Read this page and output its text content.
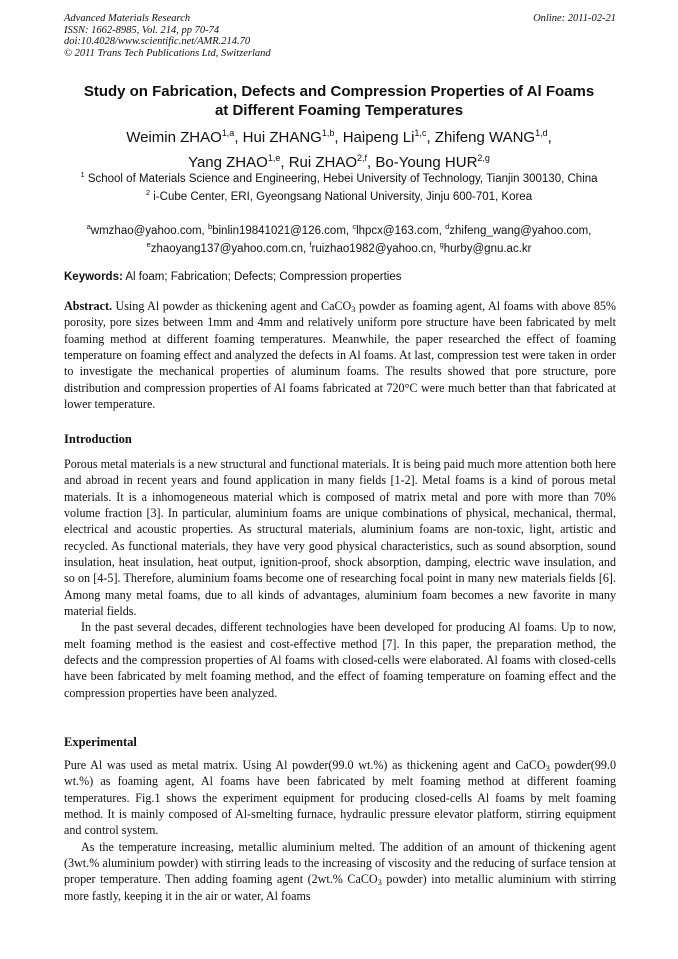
Advanced Materials Research
ISSN: 1662-8985, Vol. 214, pp 70-74
doi:10.4028/www.scientific.net/AMR.214.70
© 2011 Trans Tech Publications Ltd, Switzerland
Online: 2011-02-21
Study on Fabrication, Defects and Compression Properties of Al Foams
at Different Foaming Temperatures
Weimin ZHAO$^{1,a}$, Hui ZHANG$^{1,b}$, Haipeng Li$^{1,c}$, Zhifeng WANG$^{1,d}$,
Yang ZHAO$^{1,e}$, Rui ZHAO$^{2,f}$, Bo-Young HUR$^{2,g}$
$^1$ School of Materials Science and Engineering, Hebei University of Technology, Tianjin 300130, China
$^2$ i-Cube Center, ERI, Gyeongsang National University, Jinju 600-701, Korea
$^a$wmzhao@yahoo.com, $^b$binlin19841021@126.com, $^c$lhpcx@163.com, $^d$zhifeng_wang@yahoo.com,
$^e$zhaoyang137@yahoo.com.cn, $^f$ruizhao1982@yahoo.cn, $^g$hurby@gnu.ac.kr
Keywords: Al foam; Fabrication; Defects; Compression properties

Abstract. Using Al powder as thickening agent and CaCO$_3$ powder as foaming agent, Al foams with above 85% porosity, pore sizes between 1mm and 4mm and relatively uniform pore structure have been fabricated by melt foaming method at different foaming temperatures. Meanwhile, the paper researched the effect of foaming temperature on foaming effect and analyzed the defects in Al foams. At last, compression test were taken in order to investigate the mechanical properties of aluminum foams. The results showed that pore structure, pore distribution and compression properties of Al foams fabricated at 720°C were much better than that fabricated at lower temperature.

Introduction

Porous metal materials is a new structural and functional materials. It is being paid much more attention both here and abroad in recent years and found application in many fields [1-2]. Metal foams is a kind of porous metal materials. It is a inhomogeneous material which is composed of matrix metal and pore with more than 70% volume fraction [3]. In particular, aluminium foams are unique combinations of physical, mechanical, thermal, electrical and acoustic properties. As structural materials, aluminium foams are non-toxic, light, artistic and recycled. As functional materials, they have very good physical characteristics, such as sound absorption, sound insulation, heat insulation, heat output, ignition-proof, shock absorption, damping, electric wave insulation, and so on [4-5]. Therefore, aluminium foams become one of researching focal point in many new materials fields [6]. Among many metal foams, due to all kinds of advantages, aluminium foam becomes a new favorite in many material fields.

In the past several decades, different technologies have been developed for producing Al foams. Up to now, melt foaming method is the easiest and cost-effective method [7]. In this paper, the preparation method, the defects and the compression properties of Al foams with closed-cells were elaborated. Al foams with closed-cells have been fabricated by melt foaming method, and the effect of foaming temperature on foaming effect and the compression properties have been analyzed.

Experimental

Pure Al was used as metal matrix. Using Al powder(99.0 wt.%) as thickening agent and CaCO$_3$ powder(99.0 wt.%) as foaming agent, Al foams have been fabricated by melt foaming method at different foaming temperatures. Fig.1 shows the experiment equipment for producing closed-cells Al foams by melt foaming method. It is mainly composed of Al-smelting furnace, hydraulic pressure elevator platform, stirring equipment and control system.

As the temperature increasing, metallic aluminium melted. The addition of an amount of thickening agent (3wt.% aluminium powder) with stirring leads to the increasing of viscosity and the reducing of surface tension at proper temperature. Then adding foaming agent (2wt.% CaCO$_3$ powder) into metallic aluminium with stirring more fastly, keeping it in the air or water, Al foams
